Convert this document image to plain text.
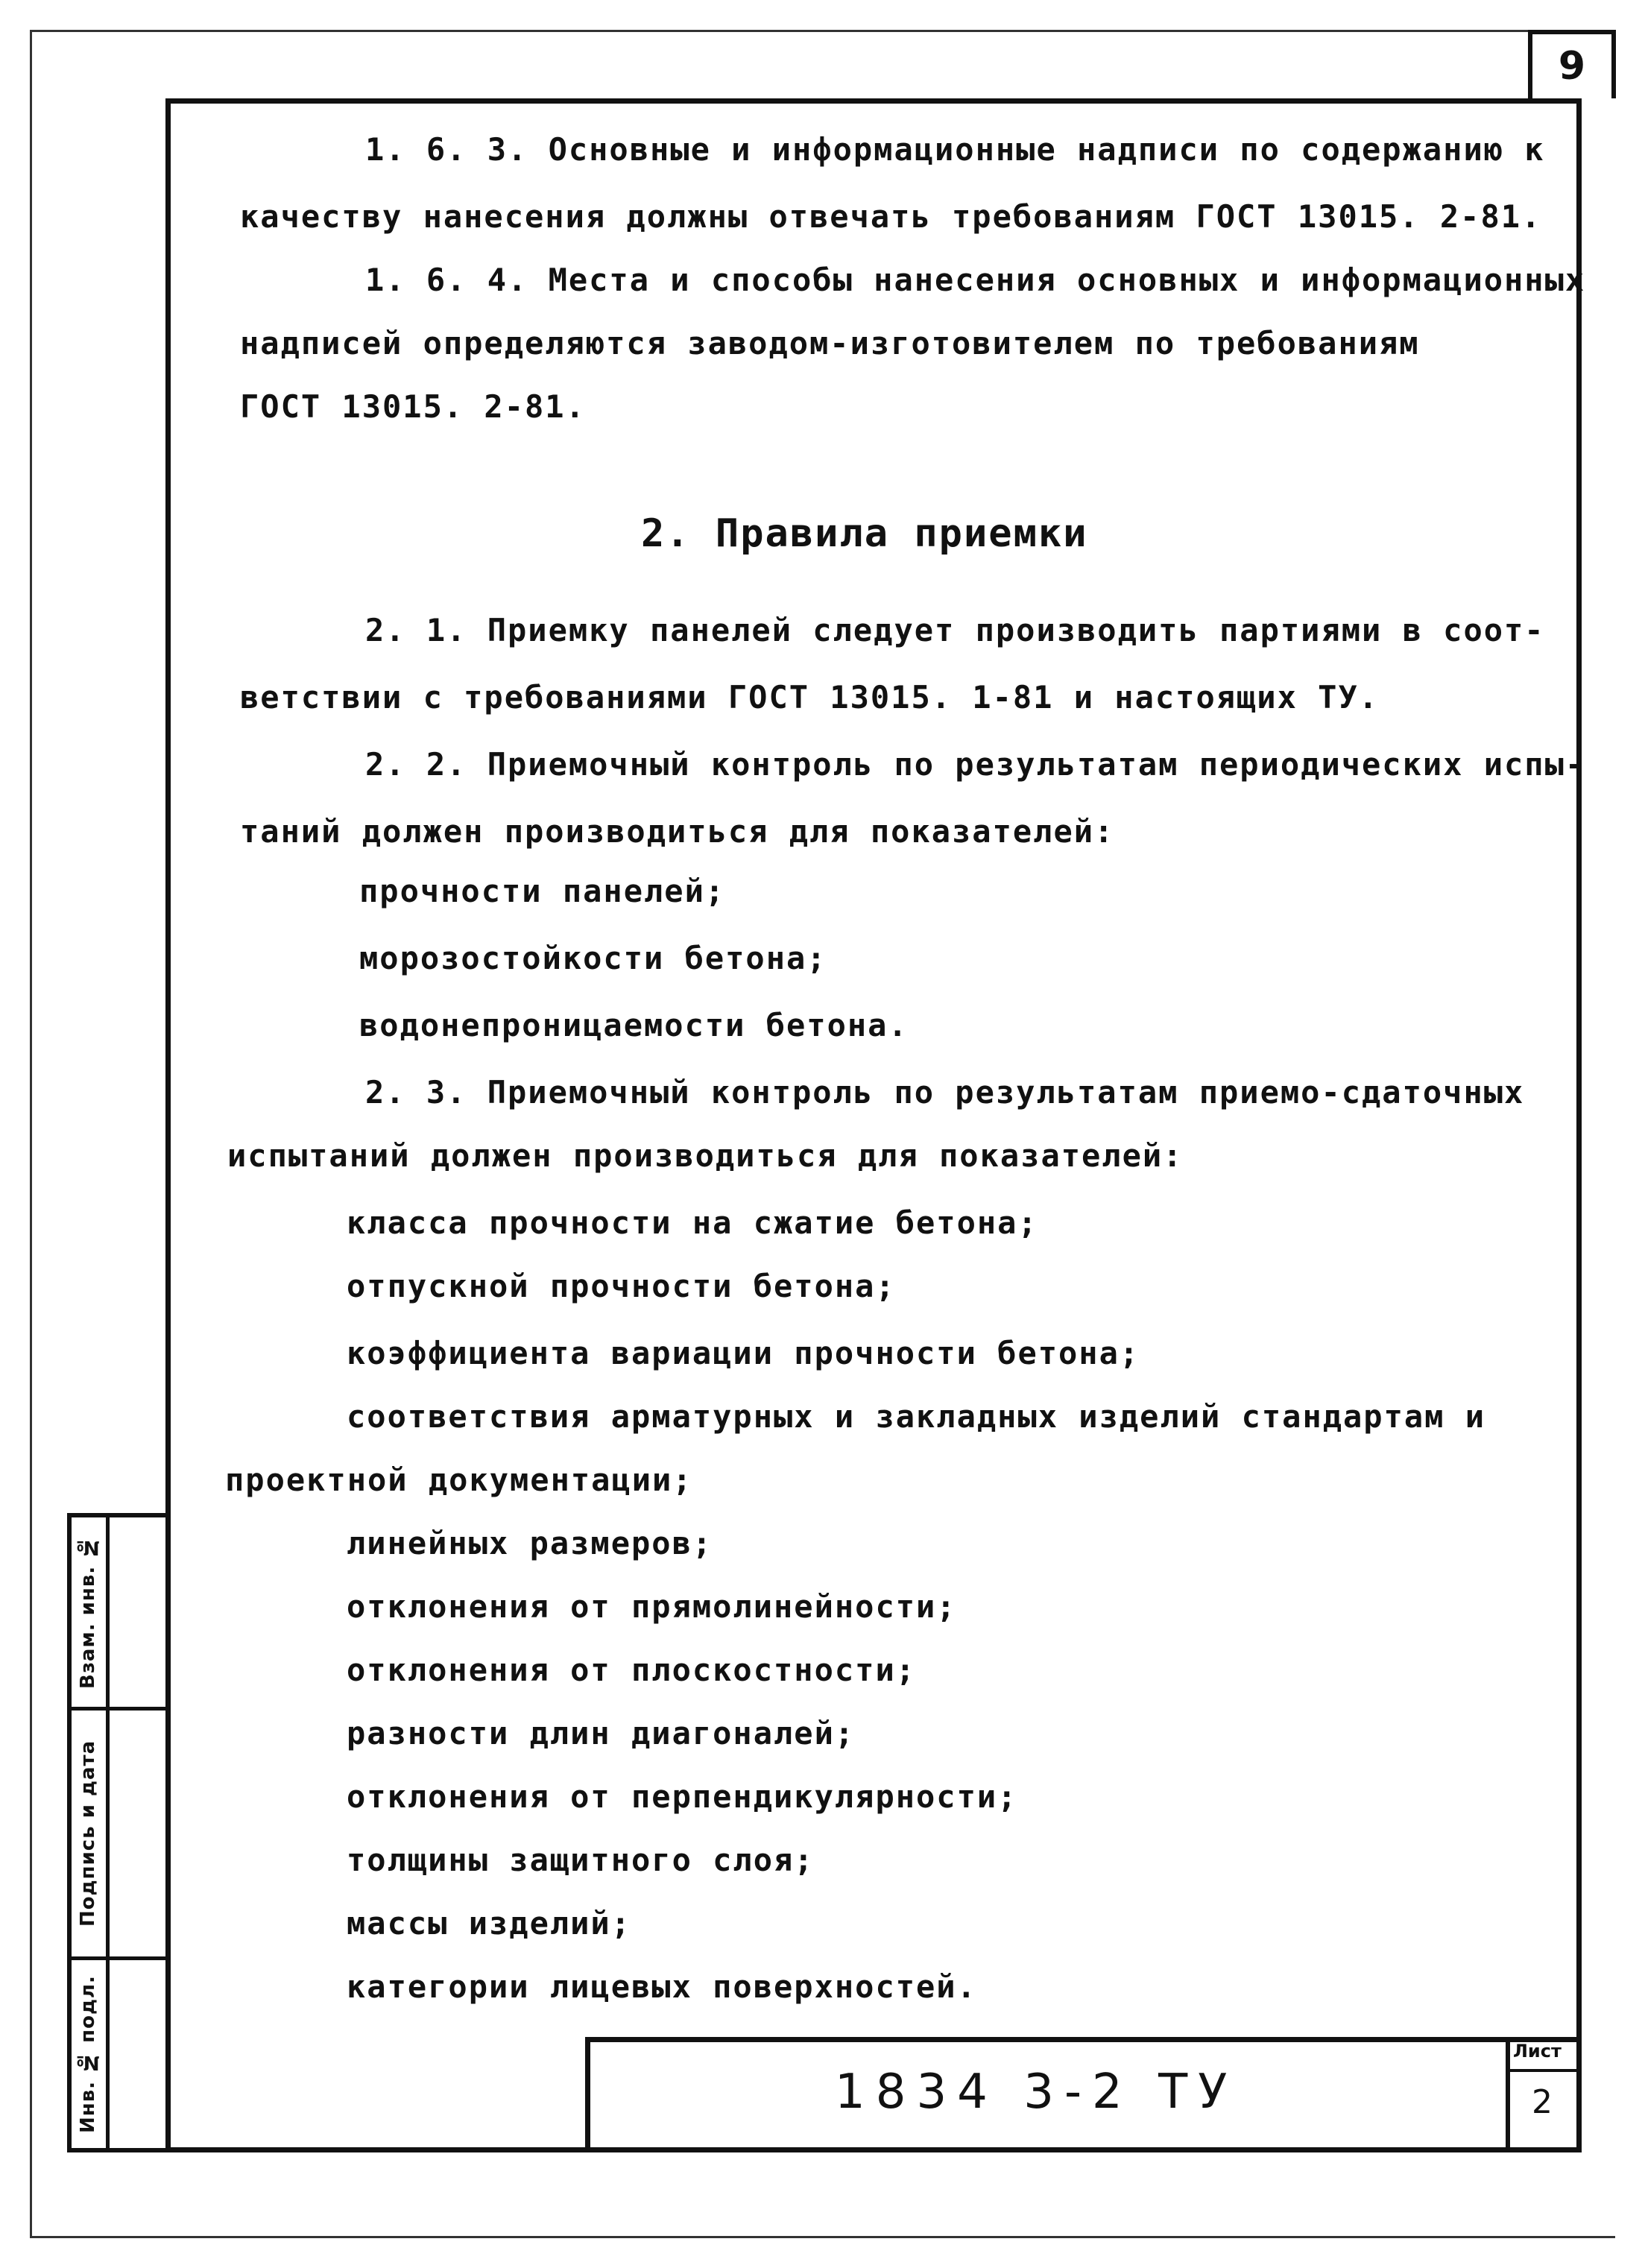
9
1. 6. 3. Основные и информационные надписи по содержанию к
качеству нанесения должны отвечать требованиям ГОСТ 13015. 2-81.
1. 6. 4. Места и способы нанесения основных и информационных
надписей определяются заводом-изготовителем по требованиям
ГОСТ 13015. 2-81.
2. Правила приемки
2. 1. Приемку панелей следует производить партиями в соот-
ветствии с требованиями ГОСТ 13015. 1-81 и настоящих ТУ.
2. 2. Приемочный контроль по результатам периодических испы-
таний должен производиться для показателей:
прочности панелей;
морозостойкости бетона;
водонепроницаемости бетона.
2. 3. Приемочный контроль по результатам приемо-сдаточных
испытаний должен производиться для показателей:
класса прочности на сжатие бетона;
отпускной прочности бетона;
коэффициента вариации прочности бетона;
соответствия арматурных и закладных изделий стандартам и
проектной документации;
линейных размеров;
отклонения от прямолинейности;
отклонения от плоскостности;
разности длин диагоналей;
отклонения от перпендикулярности;
толщины защитного слоя;
массы изделий;
категории лицевых поверхностей.
Взам. инв. №
Подпись и дата
Инв. № подл.	1834 3-2 ТУ
Лист
2
